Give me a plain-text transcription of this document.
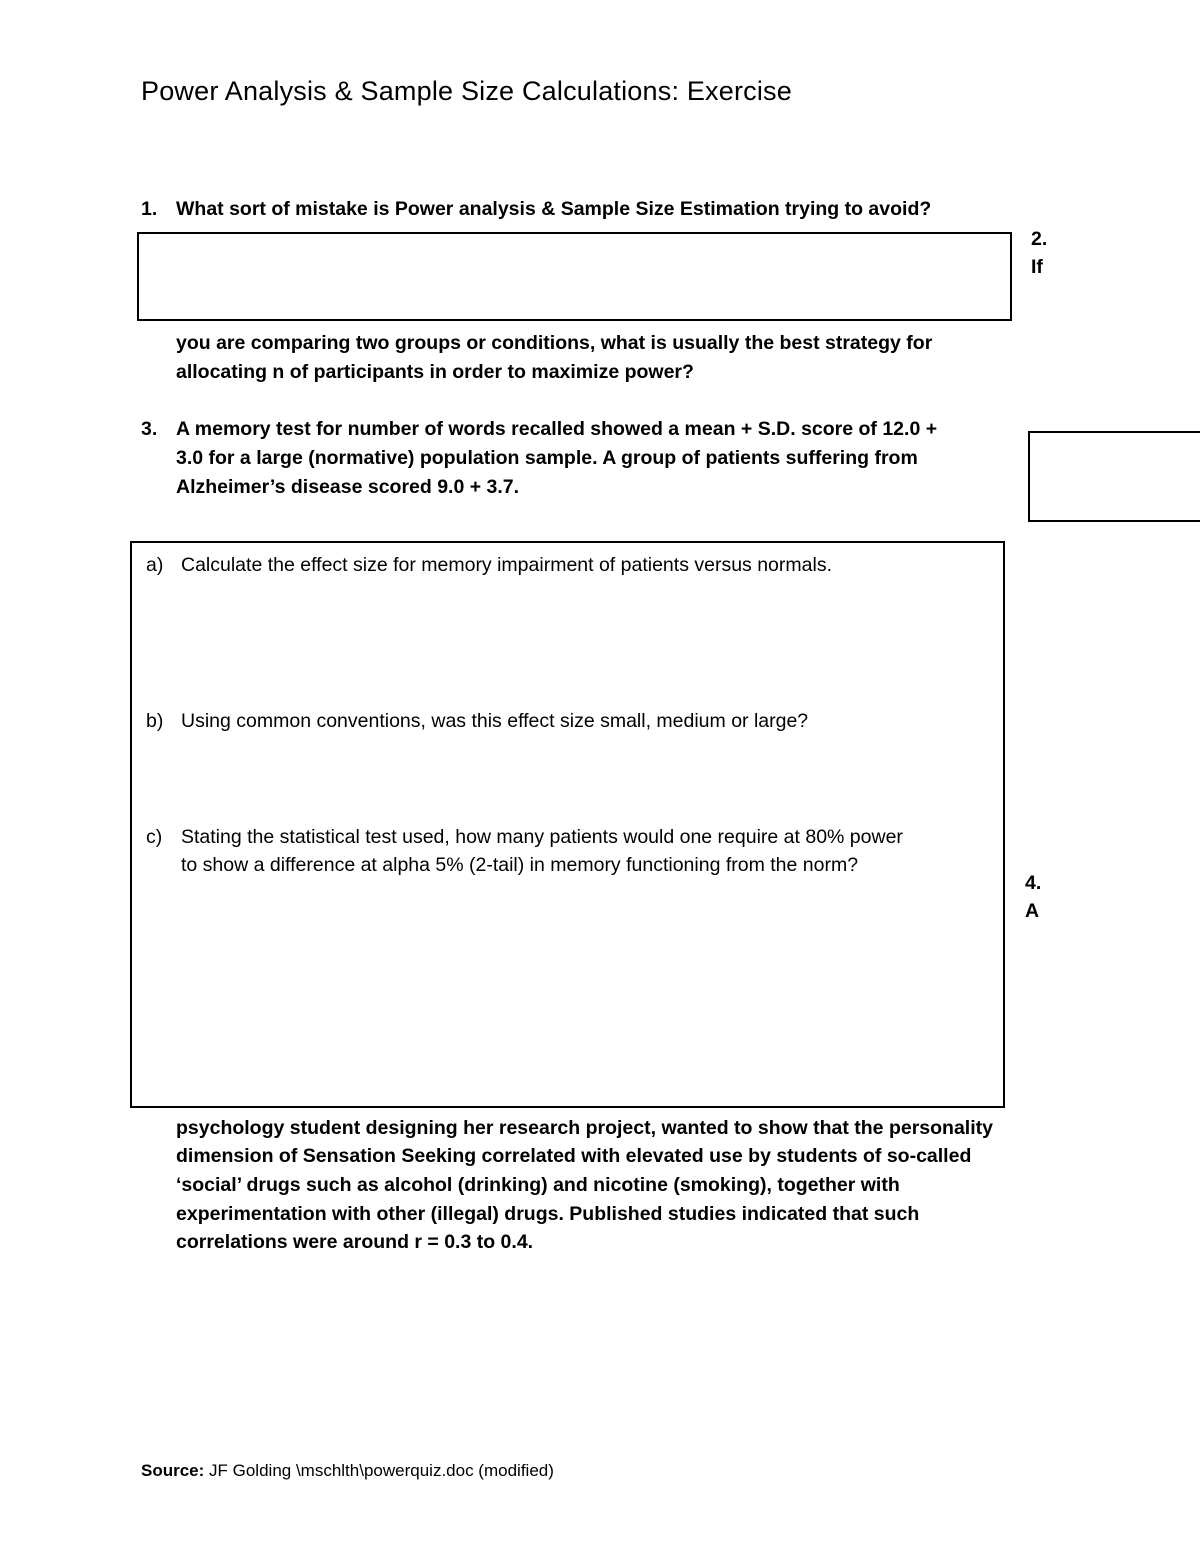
Power Analysis & Sample Size Calculations: Exercise
1. What sort of mistake is Power analysis & Sample Size Estimation trying to avoid?
2.
If
you are comparing two groups or conditions, what is usually the best strategy for
allocating n of participants in order to maximize power?
3. A memory test for number of words recalled showed a mean + S.D. score of 12.0 +
3.0 for a large (normative) population sample. A group of patients suffering from
Alzheimer’s disease scored 9.0 + 3.7.
a) Calculate the effect size for memory impairment of patients versus normals.
b) Using common conventions, was this effect size small, medium or large?
c) Stating the statistical test used, how many patients would one require at 80% power
to show a difference at alpha 5% (2-tail) in memory functioning from the norm?
4.
A
psychology student designing her research project, wanted to show that the personality
dimension of Sensation Seeking correlated with elevated use by students of so-called
‘social’ drugs such as alcohol (drinking) and nicotine (smoking), together with
experimentation with other (illegal) drugs. Published studies indicated that such
correlations were around r = 0.3 to 0.4.
Source: JF Golding \mschlth\powerquiz.doc (modified)
